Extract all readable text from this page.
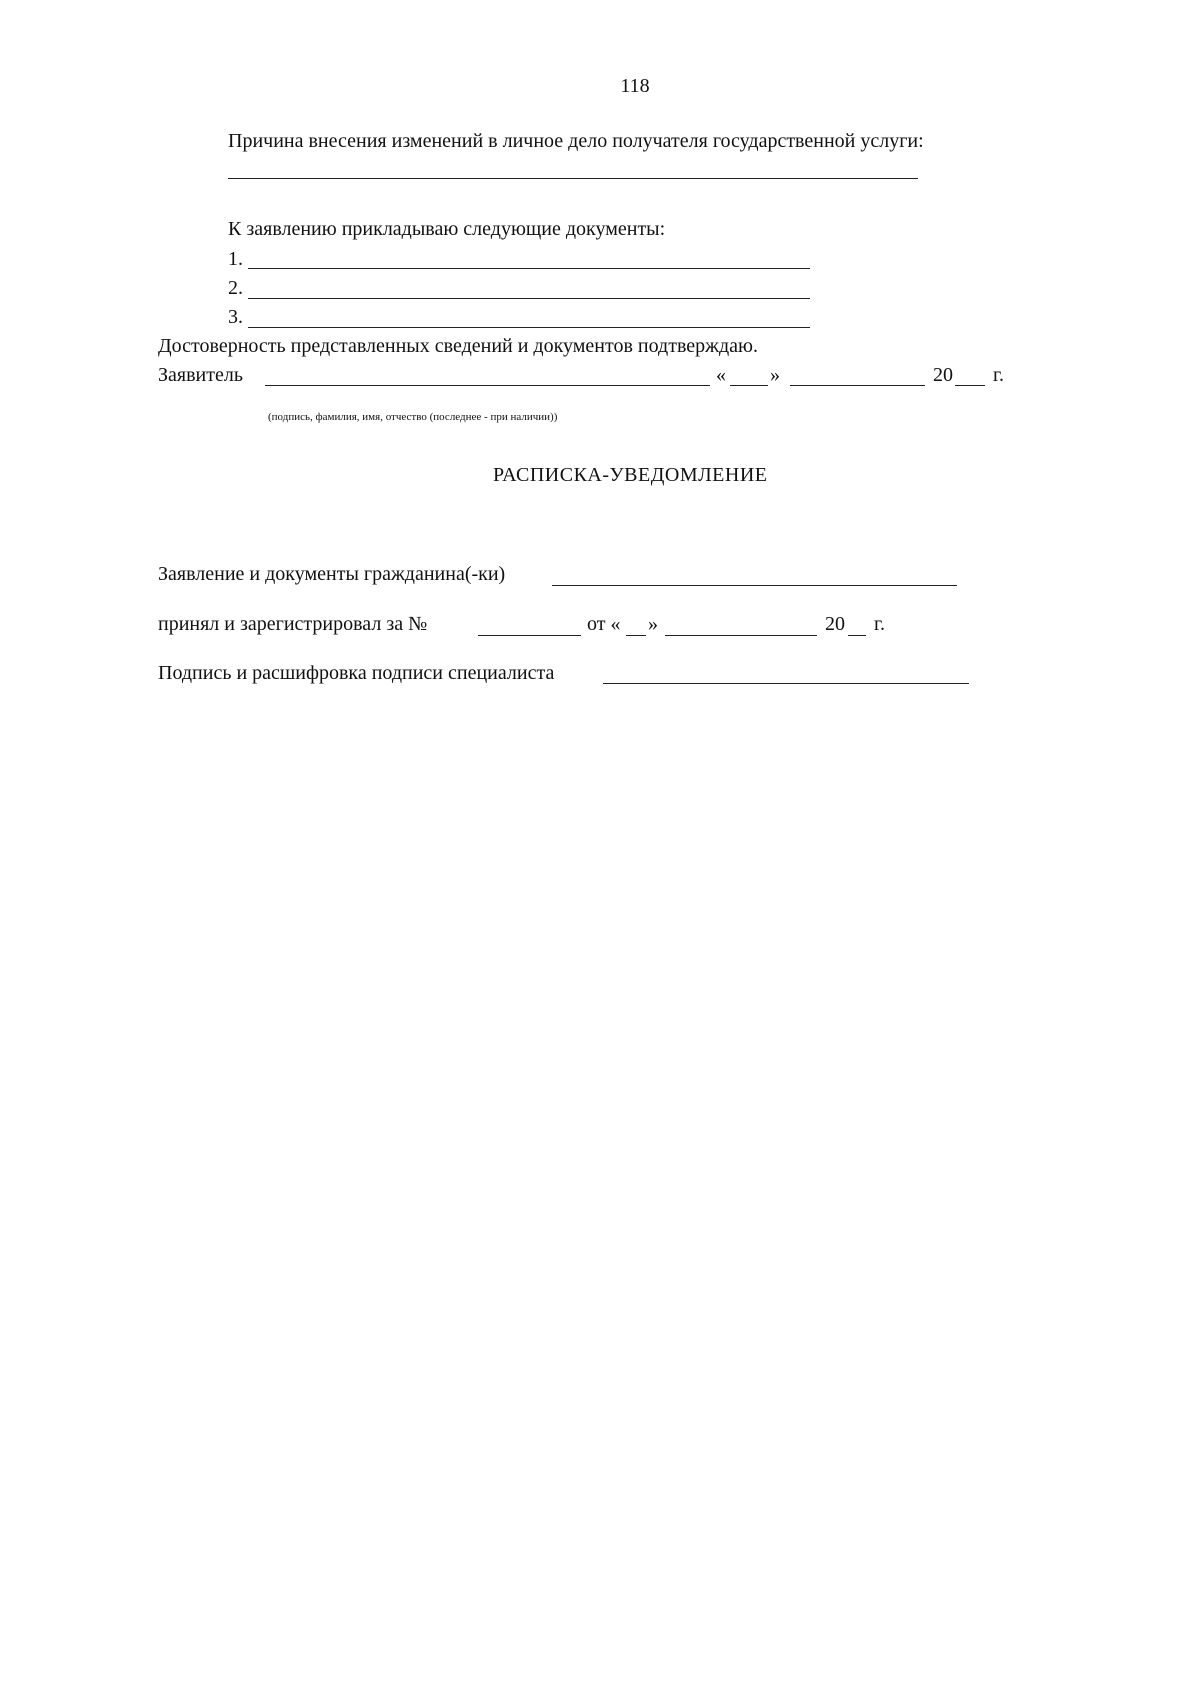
118
Причина внесения изменений в личное дело получателя государственной услуги:
К заявлению прикладываю следующие документы:
1.
2.
3.
Достоверность представленных сведений и документов подтверждаю.
Заявитель	« »	20 г.
(подпись, фамилия, имя, отчество (последнее - при наличии))
РАСПИСКА-УВЕДОМЛЕНИЕ
Заявление и документы гражданина(-ки)
принял и зарегистрировал за №	от « »	20 г.
Подпись и расшифровка подписи специалиста
